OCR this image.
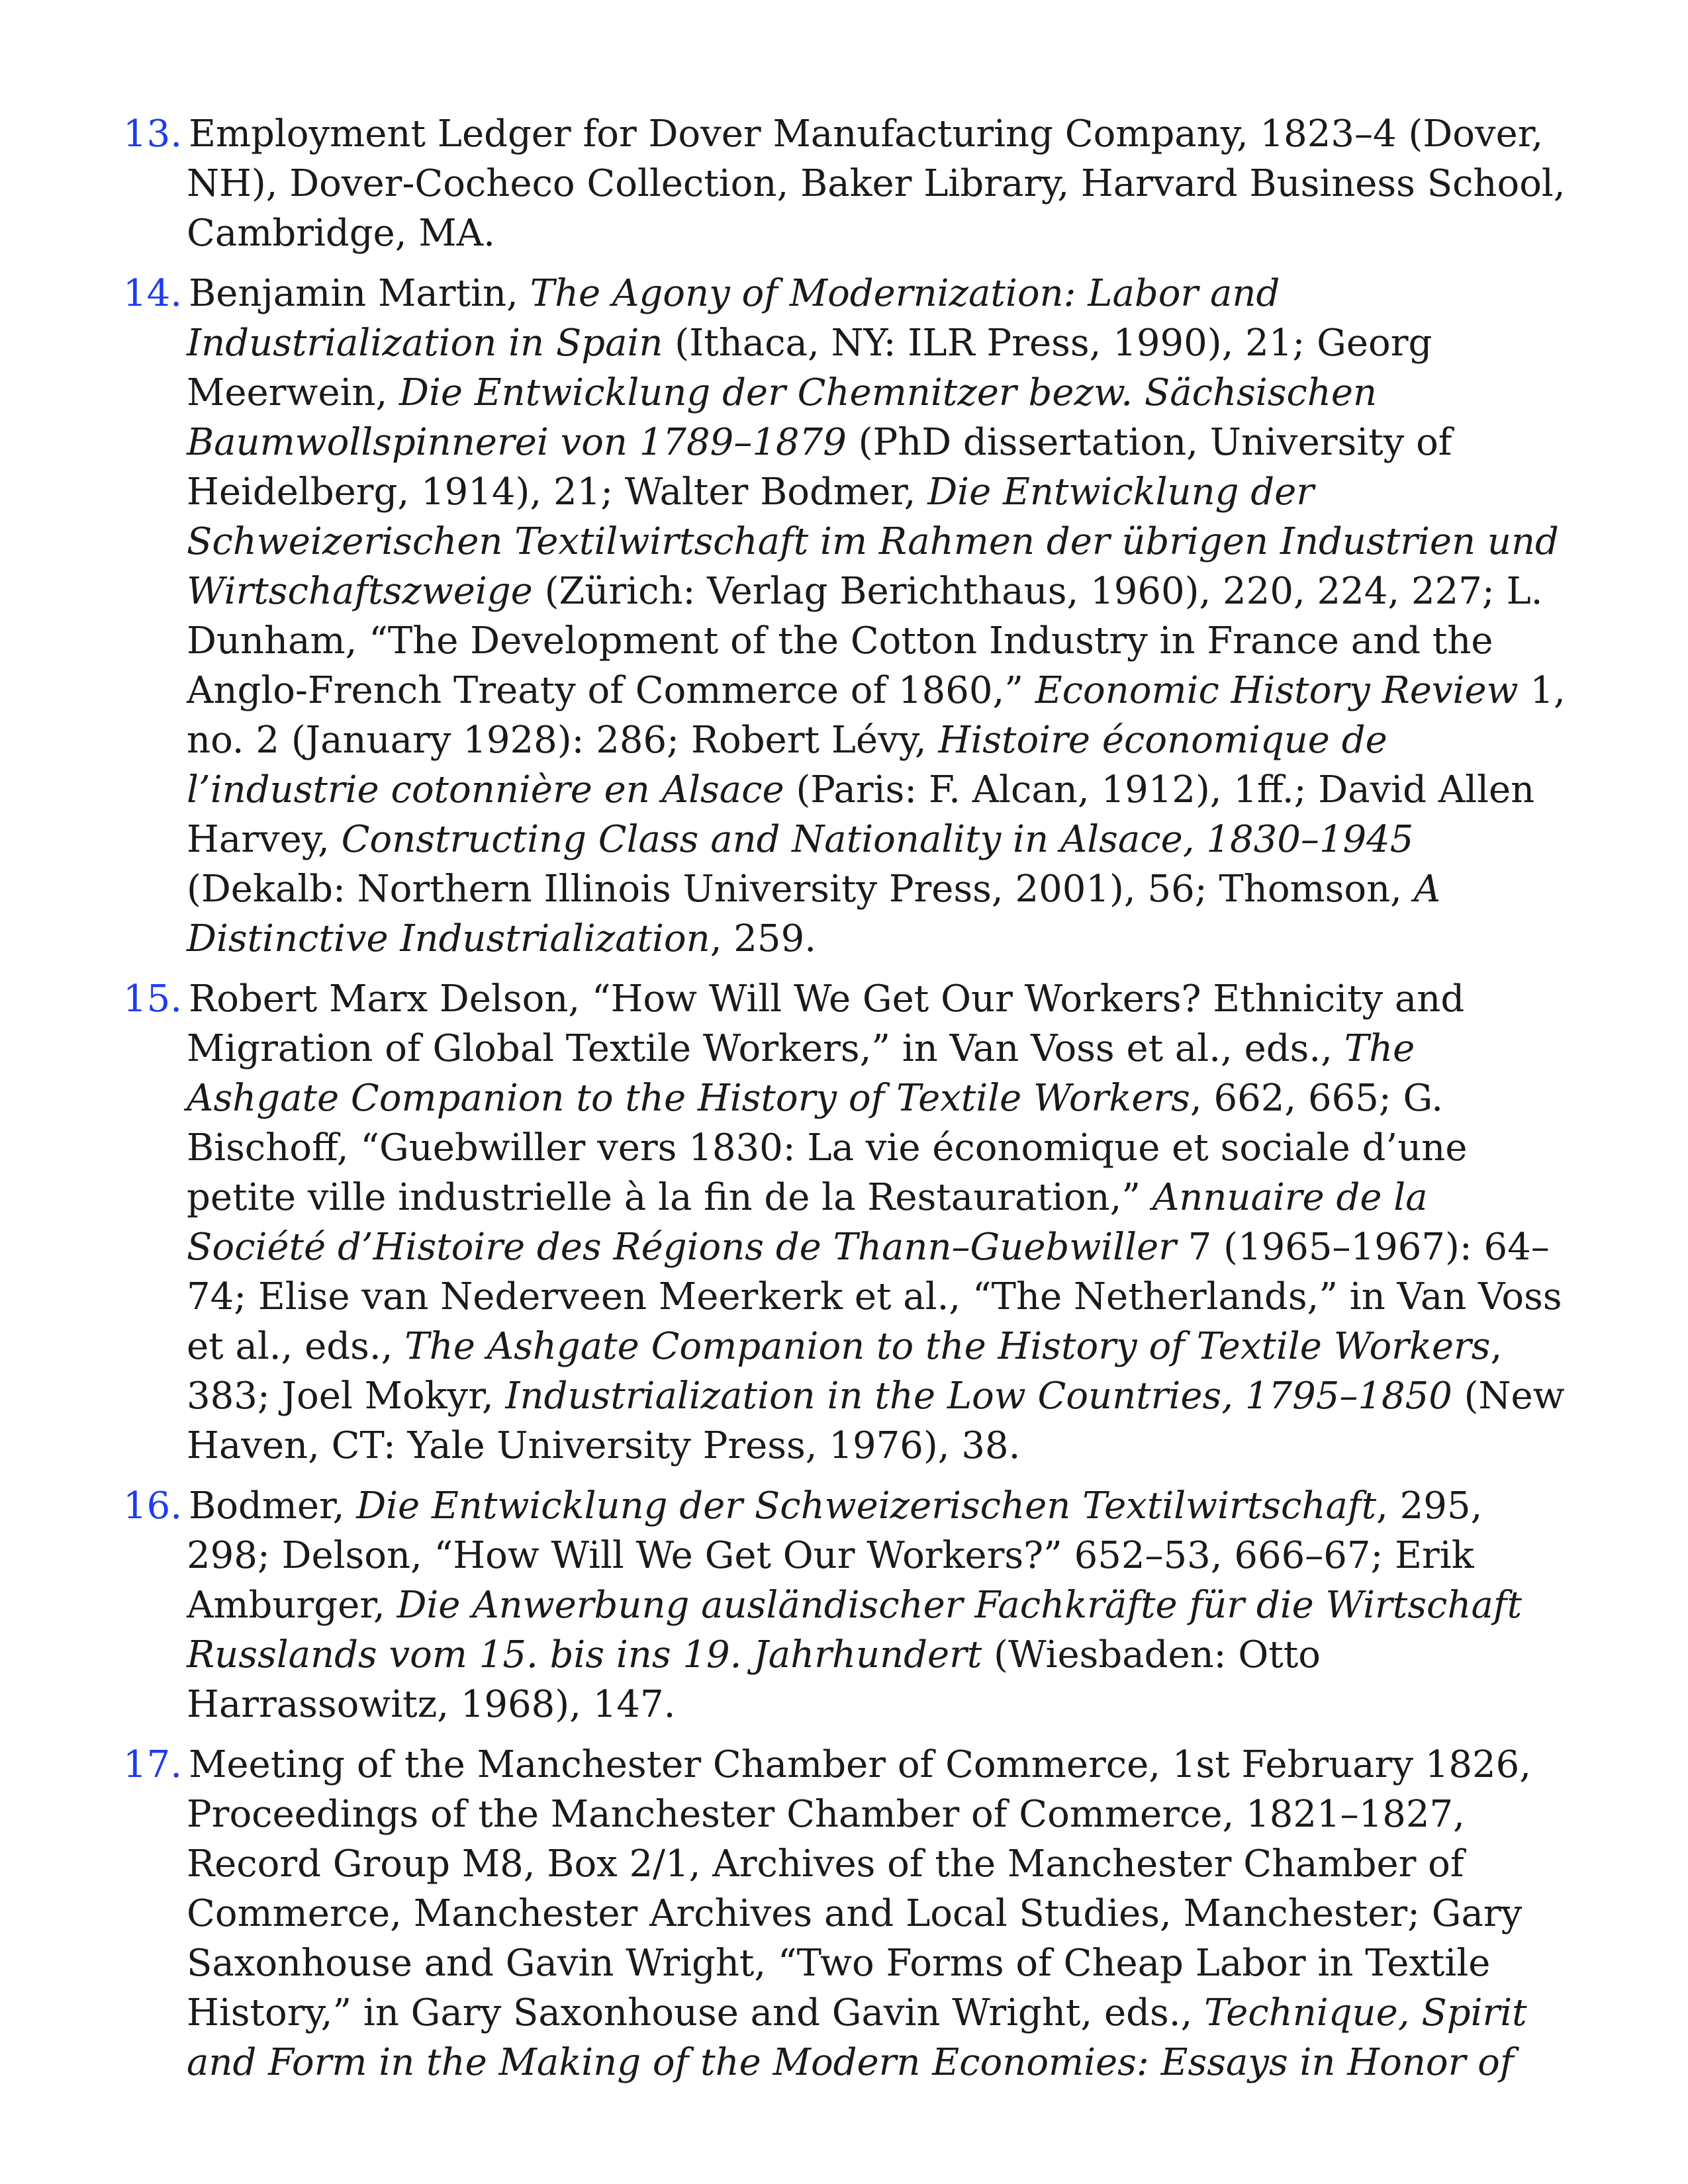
13. Employment Ledger for Dover Manufacturing Company, 1823–4 (Dover, NH), Dover-Cocheco Collection, Baker Library, Harvard Business School, Cambridge, MA.

14. Benjamin Martin, The Agony of Modernization: Labor and Industrialization in Spain (Ithaca, NY: ILR Press, 1990), 21; Georg Meerwein, Die Entwicklung der Chemnitzer bezw. Sächsischen Baumwollspinnerei von 1789–1879 (PhD dissertation, University of Heidelberg, 1914), 21; Walter Bodmer, Die Entwicklung der Schweizerischen Textilwirtschaft im Rahmen der übrigen Industrien und Wirtschaftszweige (Zürich: Verlag Berichthaus, 1960), 220, 224, 227; L. Dunham, “The Development of the Cotton Industry in France and the Anglo-French Treaty of Commerce of 1860,” Economic History Review 1, no. 2 (January 1928): 286; Robert Lévy, Histoire économique de l’industrie cotonnière en Alsace (Paris: F. Alcan, 1912), 1ff.; David Allen Harvey, Constructing Class and Nationality in Alsace, 1830–1945 (Dekalb: Northern Illinois University Press, 2001), 56; Thomson, A Distinctive Industrialization, 259.

15. Robert Marx Delson, “How Will We Get Our Workers? Ethnicity and Migration of Global Textile Workers,” in Van Voss et al., eds., The Ashgate Companion to the History of Textile Workers, 662, 665; G. Bischoff, “Guebwiller vers 1830: La vie économique et sociale d’une petite ville industrielle à la fin de la Restauration,” Annuaire de la Société d’Histoire des Régions de Thann–Guebwiller 7 (1965–1967): 64–74; Elise van Nederveen Meerkerk et al., “The Netherlands,” in Van Voss et al., eds., The Ashgate Companion to the History of Textile Workers, 383; Joel Mokyr, Industrialization in the Low Countries, 1795–1850 (New Haven, CT: Yale University Press, 1976), 38.

16. Bodmer, Die Entwicklung der Schweizerischen Textilwirtschaft, 295, 298; Delson, “How Will We Get Our Workers?” 652–53, 666–67; Erik Amburger, Die Anwerbung ausländischer Fachkräfte für die Wirtschaft Russlands vom 15. bis ins 19. Jahrhundert (Wiesbaden: Otto Harrassowitz, 1968), 147.

17. Meeting of the Manchester Chamber of Commerce, 1st February 1826, Proceedings of the Manchester Chamber of Commerce, 1821–1827, Record Group M8, Box 2/1, Archives of the Manchester Chamber of Commerce, Manchester Archives and Local Studies, Manchester; Gary Saxonhouse and Gavin Wright, “Two Forms of Cheap Labor in Textile History,” in Gary Saxonhouse and Gavin Wright, eds., Technique, Spirit and Form in the Making of the Modern Economies: Essays in Honor of
